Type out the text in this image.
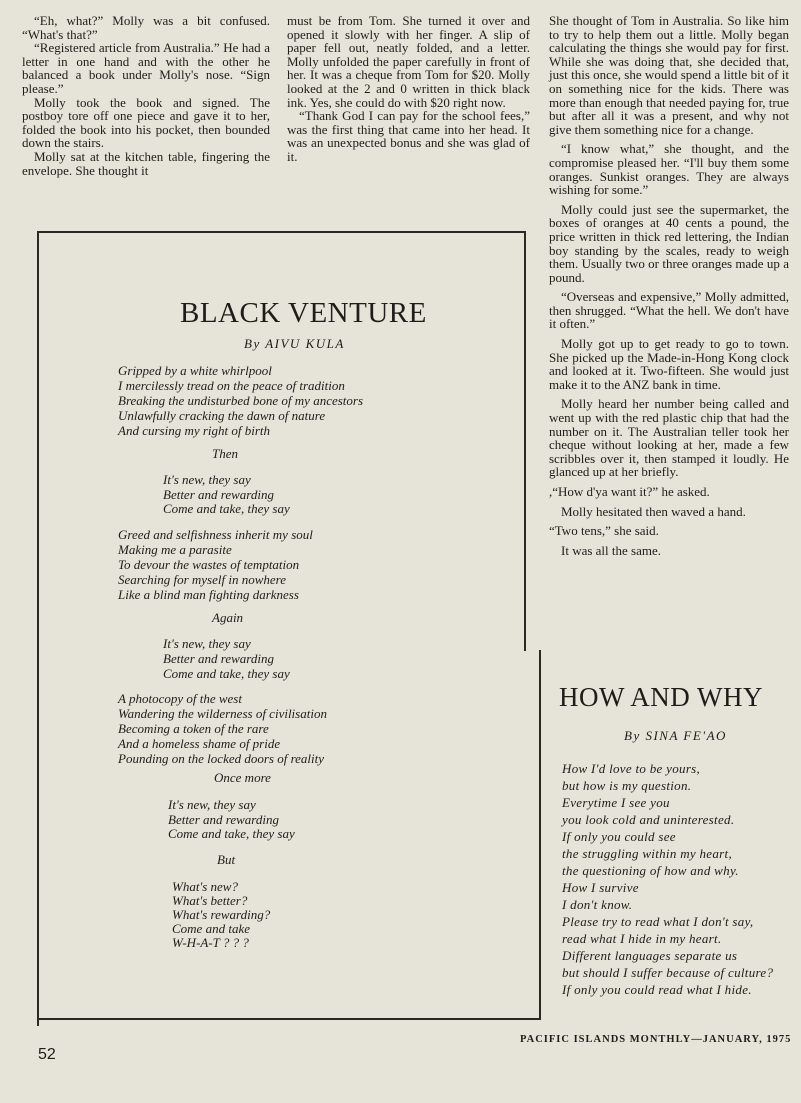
“Eh, what?” Molly was a bit confused. “What's that?”

“Registered article from Australia.” He had a letter in one hand and with the other he balanced a book under Molly's nose. “Sign please.”

Molly took the book and signed. The postboy tore off one piece and gave it to her, folded the book into his pocket, then bounded down the stairs.

Molly sat at the kitchen table, fingering the envelope. She thought it

must be from Tom. She turned it over and opened it slowly with her finger. A slip of paper fell out, neatly folded, and a letter. Molly unfolded the paper carefully in front of her. It was a cheque from Tom for $20. Molly looked at the 2 and 0 written in thick black ink. Yes, she could do with $20 right now.

“Thank God I can pay for the school fees,” was the first thing that came into her head. It was an unexpected bonus and she was glad of it.

She thought of Tom in Australia. So like him to try to help them out a little. Molly began calculating the things she would pay for first. While she was doing that, she decided that, just this once, she would spend a little bit of it on something nice for the kids. There was more than enough that needed paying for, true but after all it was a present, and why not give them something nice for a change.

“I know what,” she thought, and the compromise pleased her. “I'll buy them some oranges. Sunkist oranges. They are always wishing for some.”

Molly could just see the supermarket, the boxes of oranges at 40 cents a pound, the price written in thick red lettering, the Indian boy standing by the scales, ready to weigh them. Usually two or three oranges made up a pound.

“Overseas and expensive,” Molly admitted, then shrugged. “What the hell. We don't have it often.”

Molly got up to get ready to go to town. She picked up the Made-in-Hong Kong clock and looked at it. Two-fifteen. She would just make it to the ANZ bank in time.

Molly heard her number being called and went up with the red plastic chip that had the number on it. The Australian teller took her cheque without looking at her, made a few scribbles over it, then stamped it loudly. He glanced up at her briefly.

,“How d'ya want it?” he asked.

Molly hesitated then waved a hand.

“Two tens,” she said.

It was all the same.

BLACK VENTURE
By AIVU KULA
Gripped by a white whirlpool
I mercilessly tread on the peace of tradition
Breaking the undisturbed bone of my ancestors
Unlawfully cracking the dawn of nature
And cursing my right of birth
Then
It's new, they say
Better and rewarding
Come and take, they say
Greed and selfishness inherit my soul
Making me a parasite
To devour the wastes of temptation
Searching for myself in nowhere
Like a blind man fighting darkness
Again
It's new, they say
Better and rewarding
Come and take, they say
A photocopy of the west
Wandering the wilderness of civilisation
Becoming a token of the rare
And a homeless shame of pride
Pounding on the locked doors of reality
Once more
It's new, they say
Better and rewarding
Come and take, they say
But
What's new?
What's better?
What's rewarding?
Come and take
W-H-A-T ? ? ?
HOW AND WHY
By SINA FE'AO
How I'd love to be yours,
but how is my question.
Everytime I see you
you look cold and uninterested.
If only you could see
the struggling within my heart,
the questioning of how and why.
How I survive
I don't know.
Please try to read what I don't say,
read what I hide in my heart.
Different languages separate us
but should I suffer because of culture?
If only you could read what I hide.
PACIFIC ISLANDS MONTHLY—JANUARY, 1975
52
